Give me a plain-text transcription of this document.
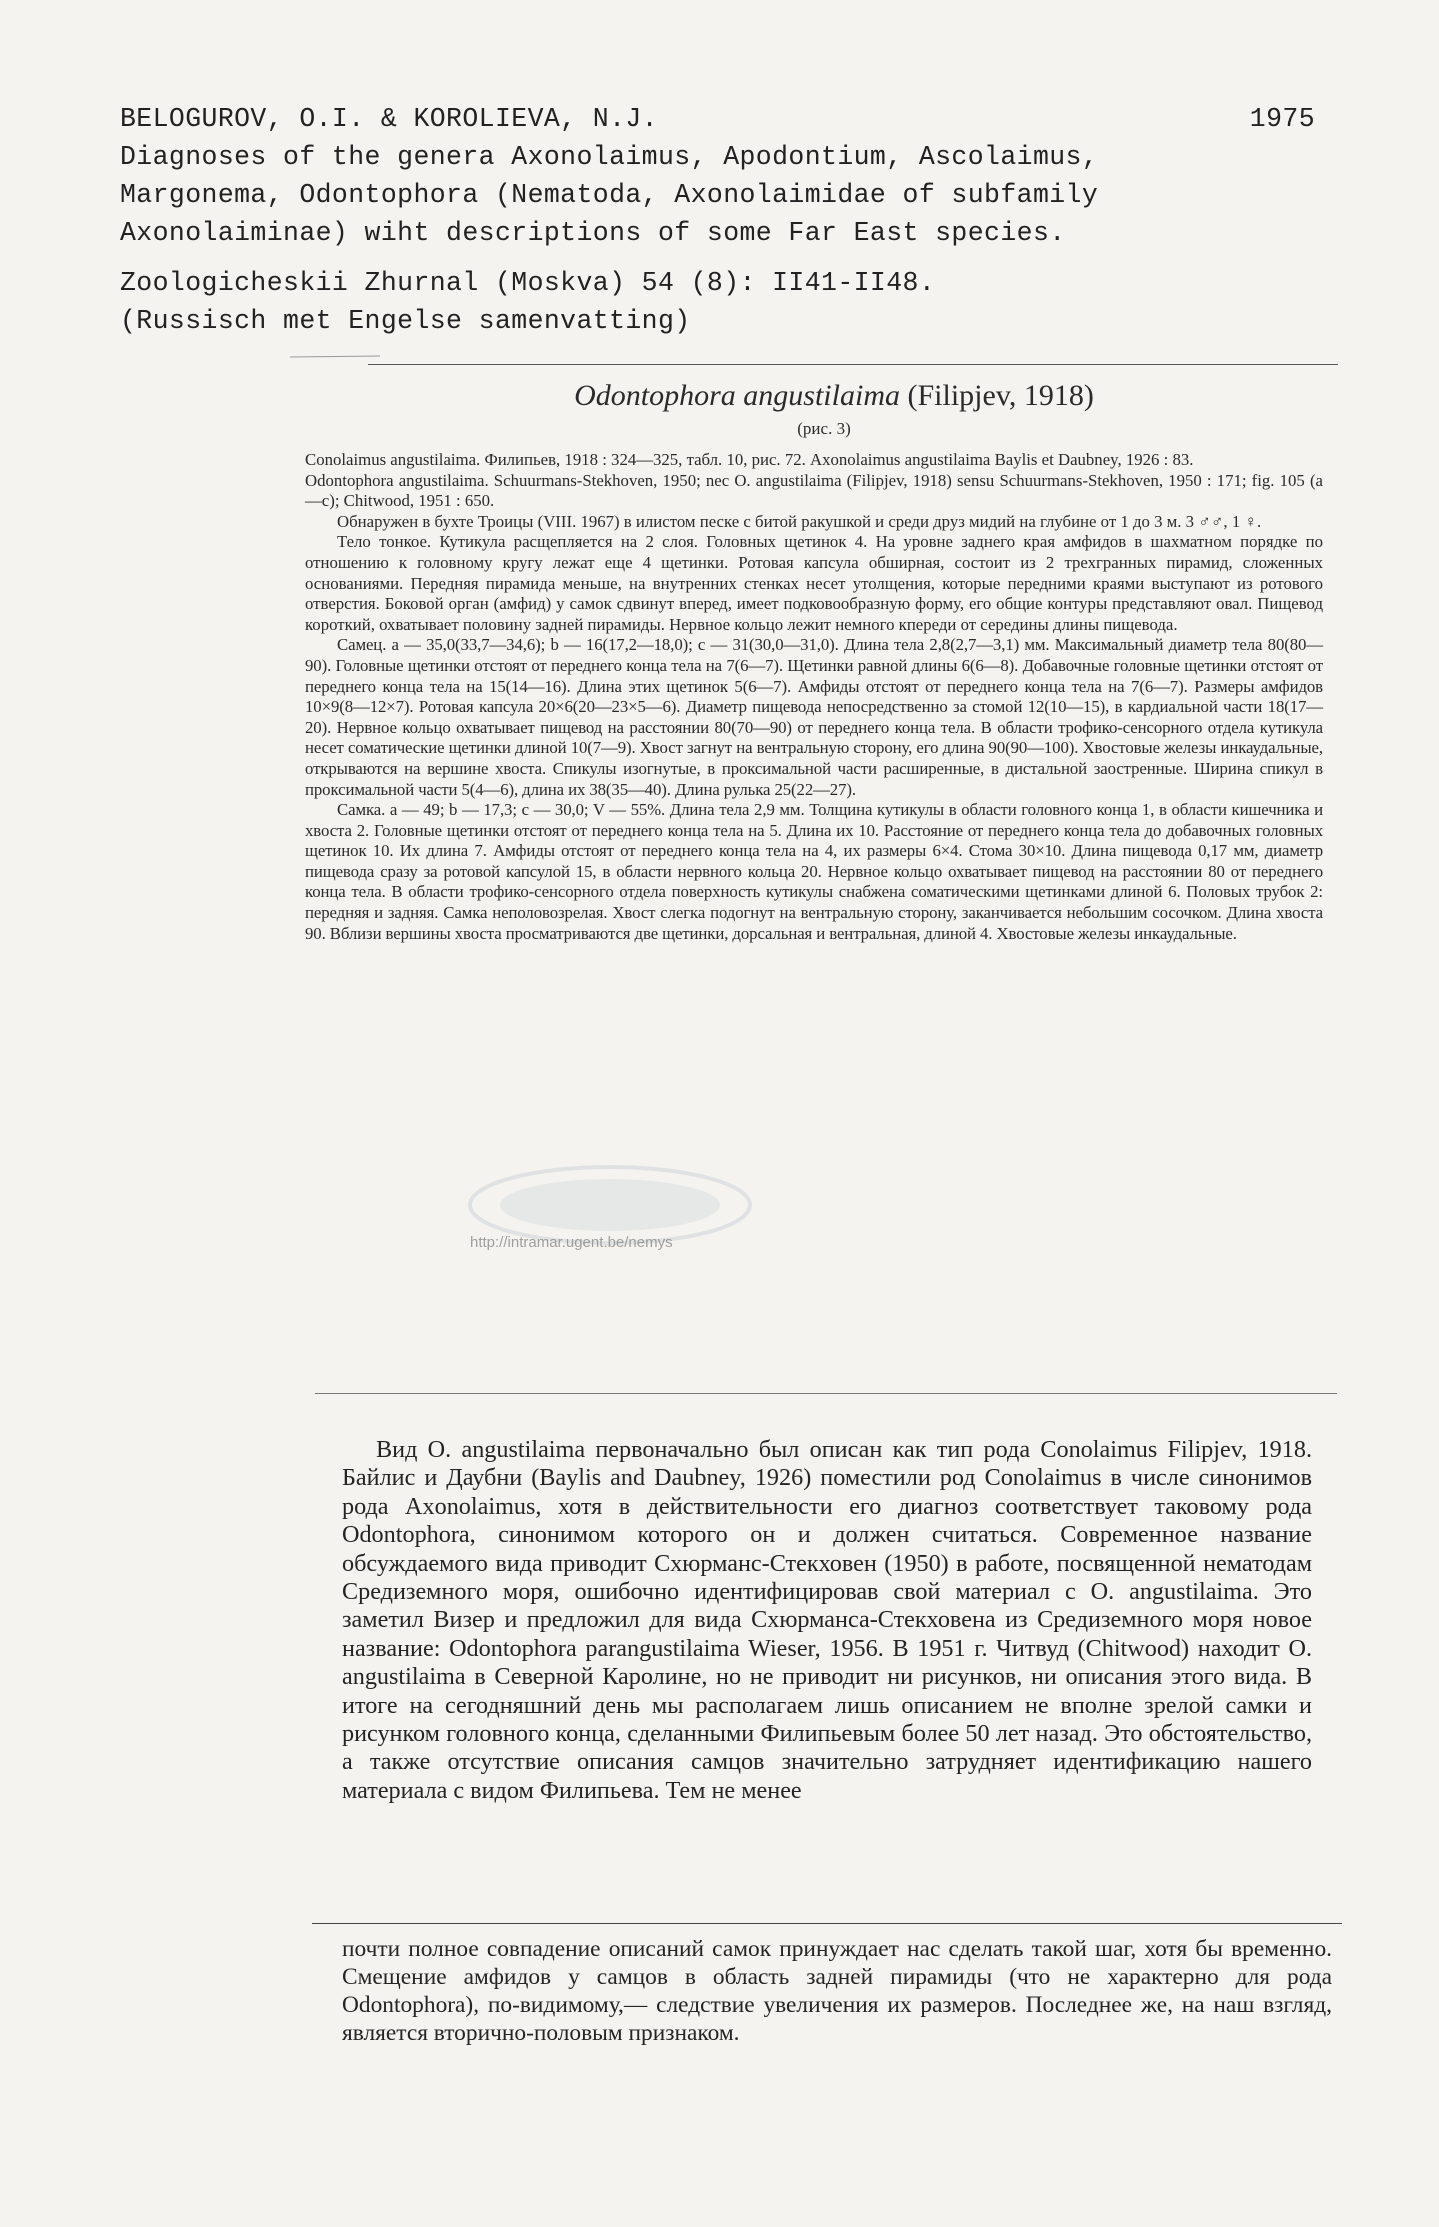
BELOGUROV, O.I. & KOROLIEVA, N.J.	1975
Diagnoses of the genera Axonolaimus, Apodontium, Ascolaimus,
Margonema, Odontophora (Nematoda, Axonolaimidae of subfamily
Axonolaiminae) wiht descriptions of some Far East species.
Zoologicheskii Zhurnal (Moskva) 54 (8): II41-II48.
(Russisch met Engelse samenvatting)
Odontophora angustilaima (Filipjev, 1918)
(рис. 3)

Conolaimus angustilaima. Филипьев, 1918 : 324—325, табл. 10, рис. 72. Axonolaimus angustilaima Baylis et Daubney, 1926 : 83.

Odontophora angustilaima. Schuurmans-Stekhoven, 1950; nec O. angustilaima (Filipjev, 1918) sensu Schuurmans-Stekhoven, 1950 : 171; fig. 105 (а—с); Chitwood, 1951 : 650.

Обнаружен в бухте Троицы (VIII. 1967) в илистом песке с битой ракушкой и среди друз мидий на глубине от 1 до 3 м. 3 ♂♂, 1 ♀.

Тело тонкое. Кутикула расщепляется на 2 слоя. Головных щетинок 4. На уровне заднего края амфидов в шахматном порядке по отношению к головному кругу лежат еще 4 щетинки. Ротовая капсула обширная, состоит из 2 трехгранных пирамид, сложенных основаниями. Передняя пирамида меньше, на внутренних стенках несет утолщения, которые передними краями выступают из ротового отверстия. Боковой орган (амфид) у самок сдвинут вперед, имеет подковообразную форму, его общие контуры представляют овал. Пищевод короткий, охватывает половину задней пирамиды. Нервное кольцо лежит немного кпереди от середины длины пищевода.

Самец. a — 35,0(33,7—34,6); b — 16(17,2—18,0); c — 31(30,0—31,0). Длина тела 2,8(2,7—3,1) мм. Максимальный диаметр тела 80(80—90). Головные щетинки отстоят от переднего конца тела на 7(6—7). Щетинки равной длины 6(6—8). Добавочные головные щетинки отстоят от переднего конца тела на 15(14—16). Длина этих щетинок 5(6—7). Амфиды отстоят от переднего конца тела на 7(6—7). Размеры амфидов 10×9(8—12×7). Ротовая капсула 20×6(20—23×5—6). Диаметр пищевода непосредственно за стомой 12(10—15), в кардиальной части 18(17—20). Нервное кольцо охватывает пищевод на расстоянии 80(70—90) от переднего конца тела. В области трофико-сенсорного отдела кутикула несет соматические щетинки длиной 10(7—9). Хвост загнут на вентральную сторону, его длина 90(90—100). Хвостовые железы инкаудальные, открываются на вершине хвоста. Спикулы изогнутые, в проксимальной части расширенные, в дистальной заостренные. Ширина спикул в проксимальной части 5(4—6), длина их 38(35—40). Длина рулька 25(22—27).

Самка. a — 49; b — 17,3; c — 30,0; V — 55%. Длина тела 2,9 мм. Толщина кутикулы в области головного конца 1, в области кишечника и хвоста 2. Головные щетинки отстоят от переднего конца тела на 5. Длина их 10. Расстояние от переднего конца тела до добавочных головных щетинок 10. Их длина 7. Амфиды отстоят от переднего конца тела на 4, их размеры 6×4. Стома 30×10. Длина пищевода 0,17 мм, диаметр пищевода сразу за ротовой капсулой 15, в области нервного кольца 20. Нервное кольцо охватывает пищевод на расстоянии 80 от переднего конца тела. В области трофико-сенсорного отдела поверхность кутикулы снабжена соматическими щетинками длиной 6. Половых трубок 2: передняя и задняя. Самка неполовозрелая. Хвост слегка подогнут на вентральную сторону, заканчивается небольшим сосочком. Длина хвоста 90. Вблизи вершины хвоста просматриваются две щетинки, дорсальная и вентральная, длиной 4. Хвостовые железы инкаудальные.

http://intramar.ugent.be/nemys

Вид O. angustilaima первоначально был описан как тип рода Conolaimus Filipjev, 1918. Байлис и Даубни (Baylis and Daubney, 1926) поместили род Conolaimus в числе синонимов рода Axonolaimus, хотя в действительности его диагноз соответствует таковому рода Odontophora, синонимом которого он и должен считаться. Современное название обсуждаемого вида приводит Схюрманс-Стекховен (1950) в работе, посвященной нематодам Средиземного моря, ошибочно идентифицировав свой материал с O. angustilaima. Это заметил Визер и предложил для вида Схюрманса-Стекховена из Средиземного моря новое название: Odontophora parangustilaima Wieser, 1956. В 1951 г. Читвуд (Chitwood) находит O. angustilaima в Северной Каролине, но не приводит ни рисунков, ни описания этого вида. В итоге на сегодняшний день мы располагаем лишь описанием не вполне зрелой самки и рисунком головного конца, сделанными Филипьевым более 50 лет назад. Это обстоятельство, а также отсутствие описания самцов значительно затрудняет идентификацию нашего материала с видом Филипьева. Тем не менее

почти полное совпадение описаний самок принуждает нас сделать такой шаг, хотя бы временно. Смещение амфидов у самцов в область задней пирамиды (что не характерно для рода Odontophora), по-видимому,— следствие увеличения их размеров. Последнее же, на наш взгляд, является вторично-половым признаком.
